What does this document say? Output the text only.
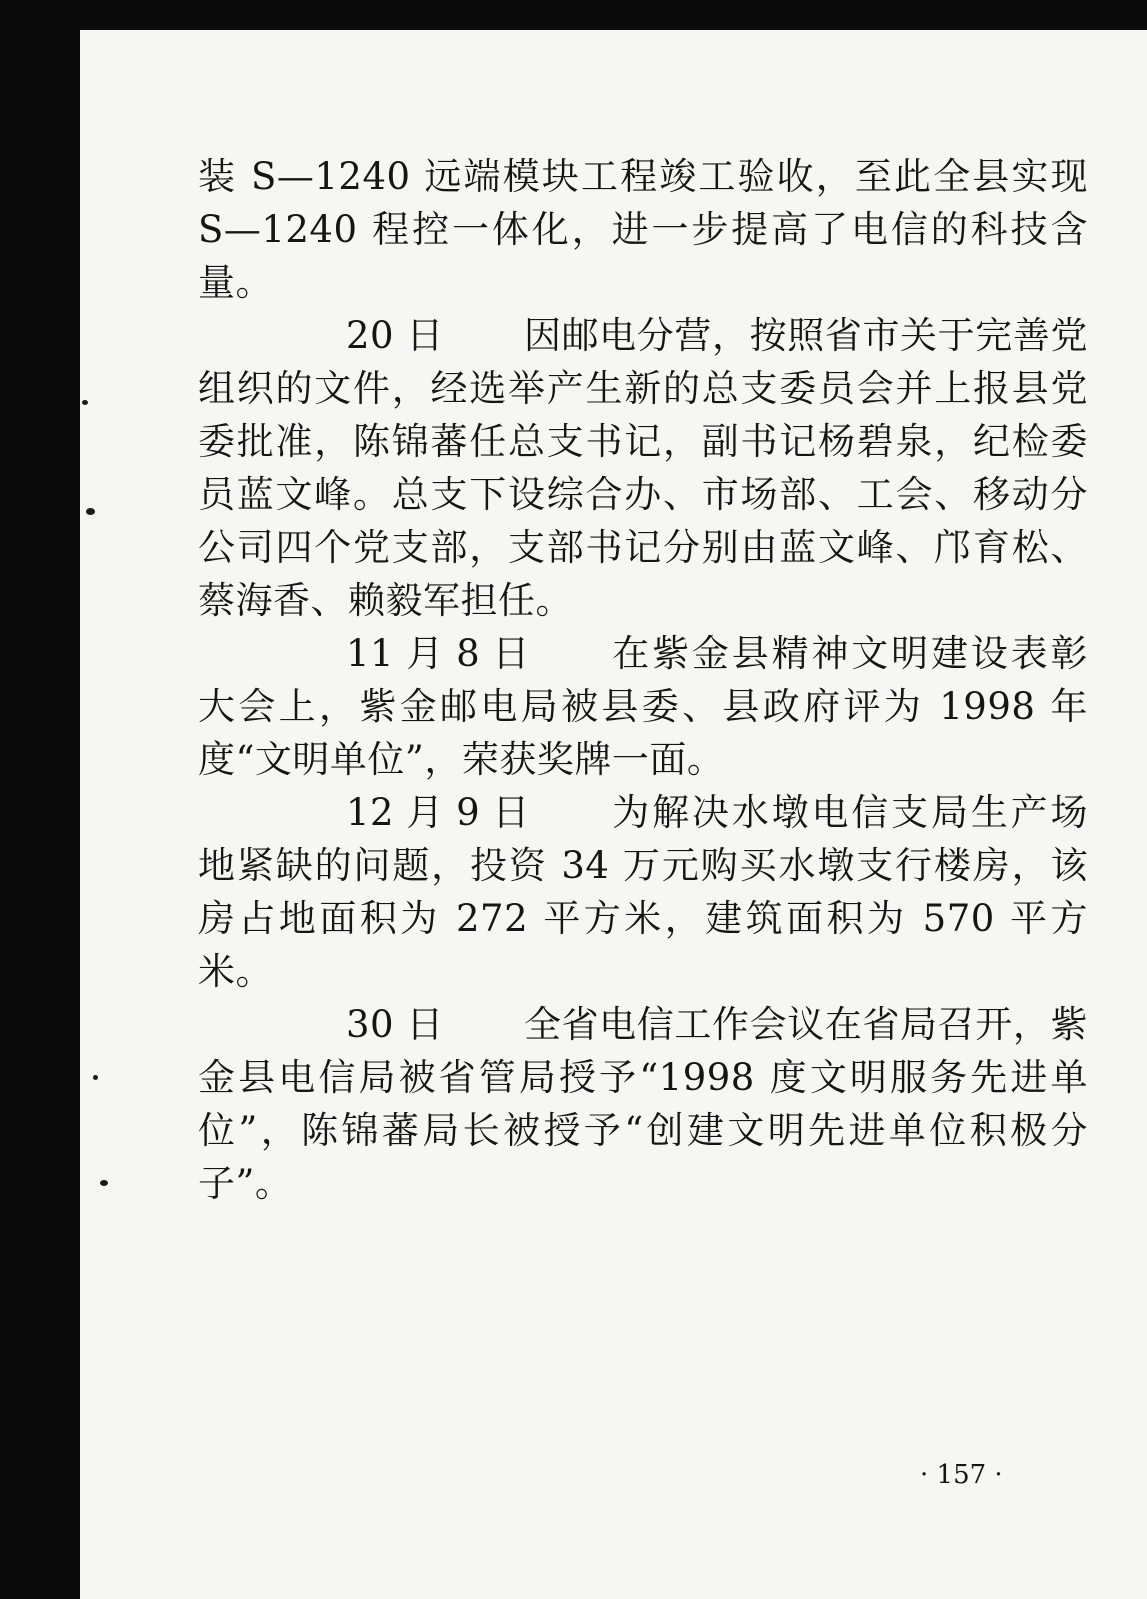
装 S—1240 远端模块工程竣工验收，至此全县实现 S—1240 程控一体化，进一步提高了电信的科技含量。

20 日 因邮电分营，按照省市关于完善党组织的文件，经选举产生新的总支委员会并上报县党委批准，陈锦蕃任总支书记，副书记杨碧泉，纪检委员蓝文峰。总支下设综合办、市场部、工会、移动分公司四个党支部，支部书记分别由蓝文峰、邝育松、蔡海香、赖毅军担任。

11 月 8 日 在紫金县精神文明建设表彰大会上，紫金邮电局被县委、县政府评为 1998 年度“文明单位”，荣获奖牌一面。

12 月 9 日 为解决水墩电信支局生产场地紧缺的问题，投资 34 万元购买水墩支行楼房，该房占地面积为 272 平方米，建筑面积为 570 平方米。

30 日 全省电信工作会议在省局召开，紫金县电信局被省管局授予“1998 度文明服务先进单位”，陈锦蕃局长被授予“创建文明先进单位积极分子”。

· 157 ·
